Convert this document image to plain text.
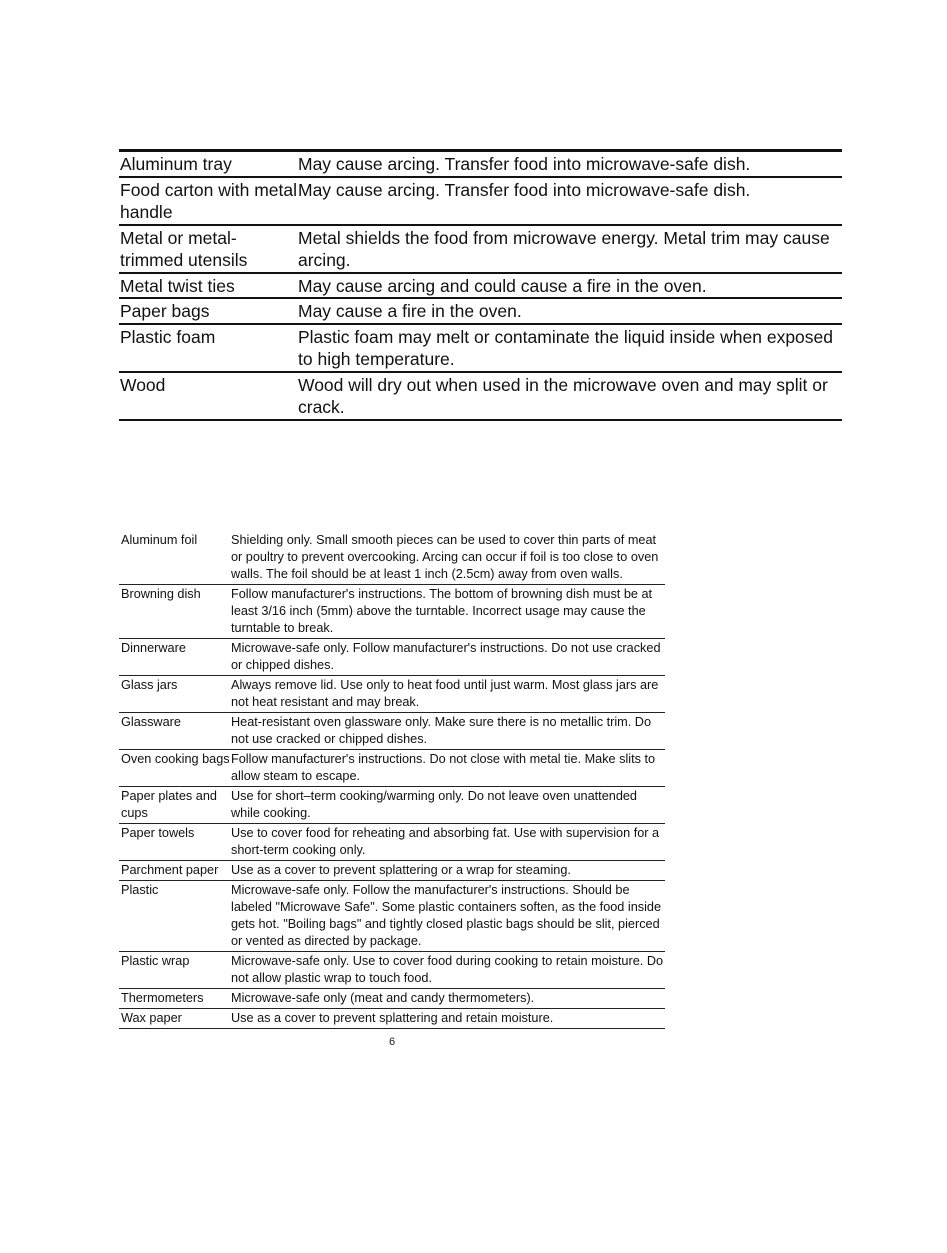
Aluminum tray	May cause arcing. Transfer food into microwave-safe dish.
Food carton with metal handle	May cause arcing. Transfer food into microwave-safe dish.
Metal or metal-trimmed utensils	Metal shields the food from microwave energy. Metal trim may cause arcing.
Metal twist ties	May cause arcing and could cause a fire in the oven.
Paper bags	May cause a fire in the oven.
Plastic foam	Plastic foam may melt or contaminate the liquid inside when exposed to high temperature.
Wood	Wood will dry out when used in the microwave oven and may split or crack.
Aluminum foil	Shielding only. Small smooth pieces can be used to cover thin parts of meat or poultry to prevent overcooking. Arcing can occur if foil is too close to oven walls. The foil should be at least 1 inch (2.5cm) away from oven walls.
Browning dish	Follow manufacturer's instructions. The bottom of browning dish must be at least 3/16 inch (5mm) above the turntable. Incorrect usage may cause the turntable to break.
Dinnerware	Microwave-safe only. Follow manufacturer's instructions. Do not use cracked or chipped dishes.
Glass jars	Always remove lid. Use only to heat food until just warm. Most glass jars are not heat resistant and may break.
Glassware	Heat-resistant oven glassware only. Make sure there is no metallic trim. Do not use cracked or chipped dishes.
Oven cooking bags	Follow manufacturer's instructions. Do not close with metal tie. Make slits to allow steam to escape.
Paper plates and cups	Use for short–term cooking/warming only. Do not leave oven unattended while cooking.
Paper towels	Use to cover food for reheating and absorbing fat. Use with supervision for a short-term cooking only.
Parchment paper	Use as a cover to prevent splattering or a wrap for steaming.
Plastic	Microwave-safe only. Follow the manufacturer's instructions. Should be labeled "Microwave Safe". Some plastic containers soften, as the food inside gets hot. "Boiling bags" and tightly closed plastic bags should be slit, pierced or vented as directed by package.
Plastic wrap	Microwave-safe only. Use to cover food during cooking to retain moisture. Do not allow plastic wrap to touch food.
Thermometers	Microwave-safe only (meat and candy thermometers).
Wax paper	Use as a cover to prevent splattering and retain moisture.
6
